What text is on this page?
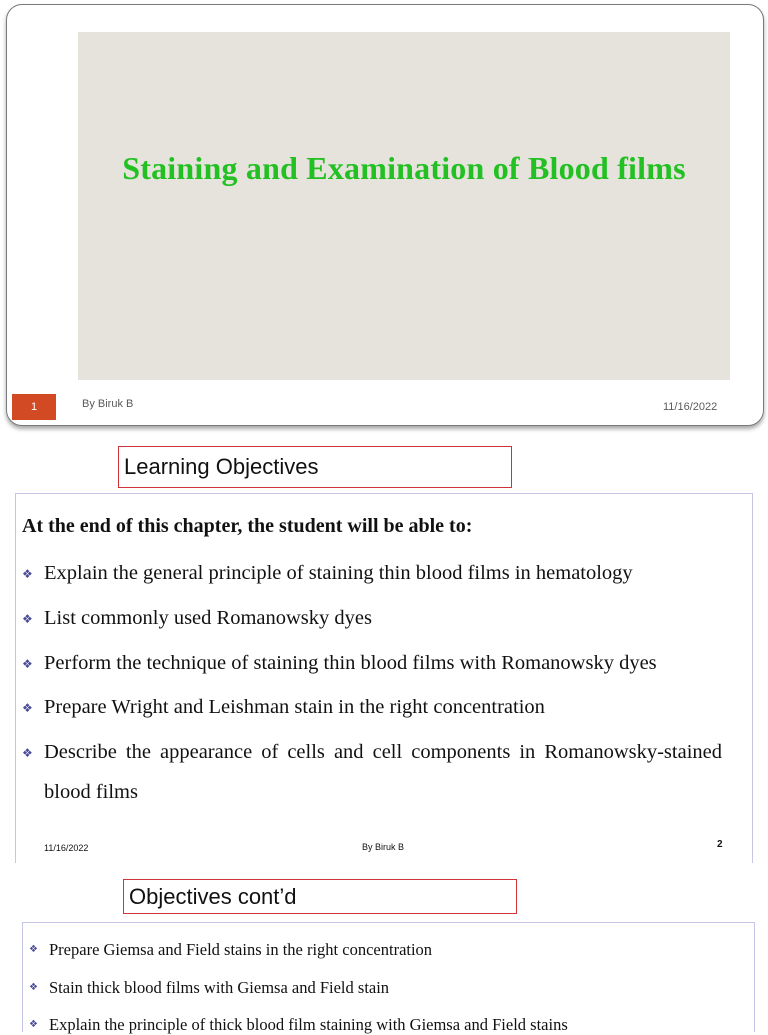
Staining and Examination of Blood films
1	By Biruk B	11/16/2022
Learning Objectives
At the end of this chapter, the student will be able to:
❖ Explain the general principle of staining thin blood films in hematology
❖ List commonly used Romanowsky dyes
❖ Perform the technique of staining thin blood films with Romanowsky dyes
❖ Prepare Wright and Leishman stain in the right concentration
❖ Describe the appearance of cells and cell components in Romanowsky-stained blood films
11/16/2022	By Biruk B	2
Objectives cont’d
❖ Prepare Giemsa and Field stains in the right concentration
❖ Stain thick blood films with Giemsa and Field stain
❖ Explain the principle of thick blood film staining with Giemsa and Field stains
